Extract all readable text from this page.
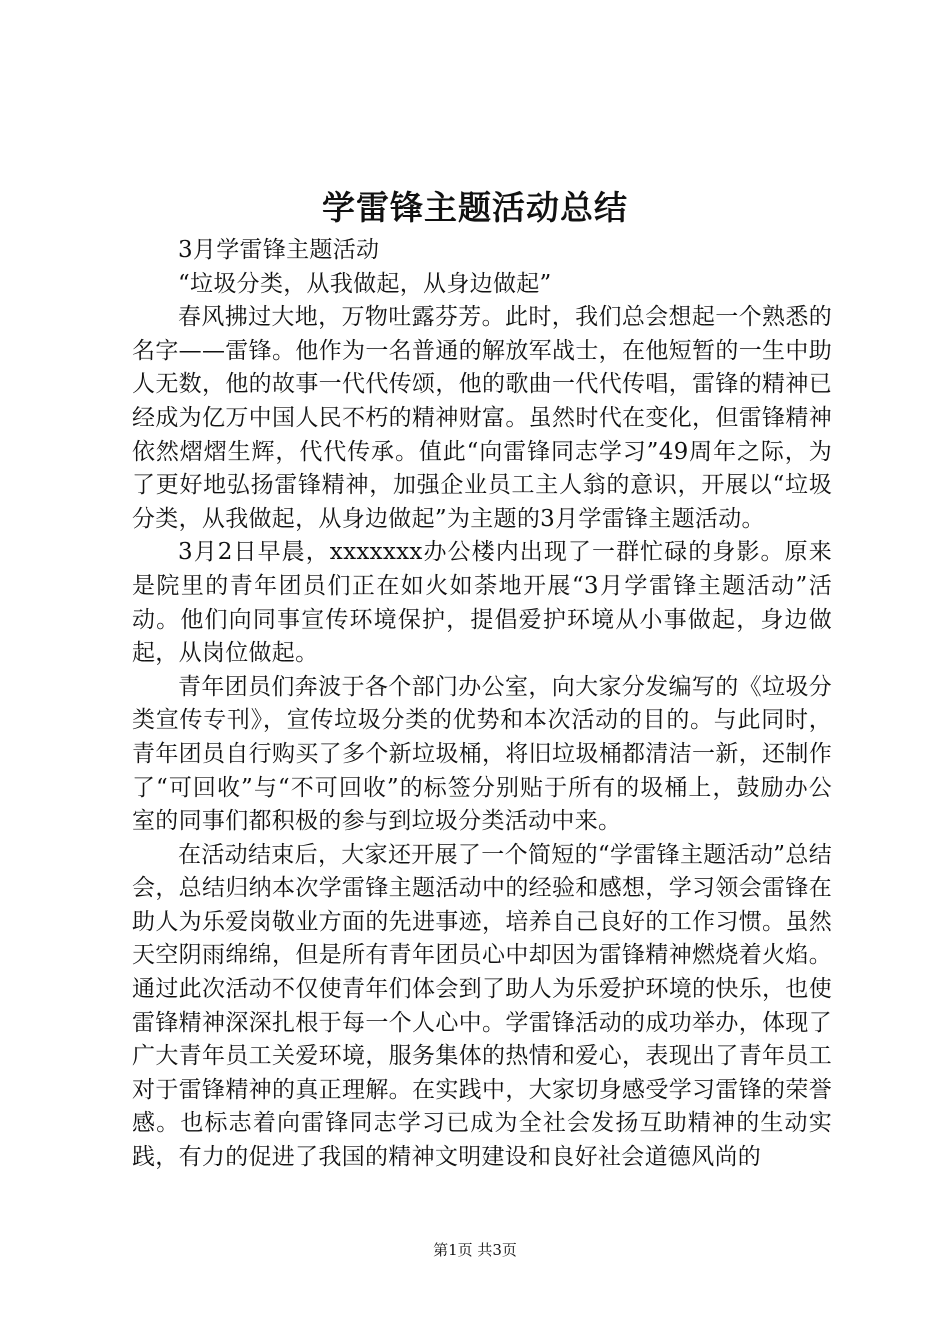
学雷锋主题活动总结

3月学雷锋主题活动

“垃圾分类，从我做起，从身边做起”

春风拂过大地，万物吐露芬芳。此时，我们总会想起一个熟悉的名字——雷锋。他作为一名普通的解放军战士，在他短暂的一生中助人无数，他的故事一代代传颂，他的歌曲一代代传唱，雷锋的精神已经成为亿万中国人民不朽的精神财富。虽然时代在变化，但雷锋精神依然熠熠生辉，代代传承。值此“向雷锋同志学习”49周年之际，为了更好地弘扬雷锋精神，加强企业员工主人翁的意识，开展以“垃圾分类，从我做起，从身边做起”为主题的3月学雷锋主题活动。

3月2日早晨，xxxxxxx办公楼内出现了一群忙碌的身影。原来是院里的青年团员们正在如火如荼地开展“3月学雷锋主题活动”活动。他们向同事宣传环境保护，提倡爱护环境从小事做起，身边做起，从岗位做起。

青年团员们奔波于各个部门办公室，向大家分发编写的《垃圾分类宣传专刊》，宣传垃圾分类的优势和本次活动的目的。与此同时，青年团员自行购买了多个新垃圾桶，将旧垃圾桶都清洁一新，还制作了“可回收”与“不可回收”的标签分别贴于所有的圾桶上，鼓励办公室的同事们都积极的参与到垃圾分类活动中来。

在活动结束后，大家还开展了一个简短的“学雷锋主题活动”总结会，总结归纳本次学雷锋主题活动中的经验和感想，学习领会雷锋在助人为乐爱岗敬业方面的先进事迹，培养自己良好的工作习惯。虽然天空阴雨绵绵，但是所有青年团员心中却因为雷锋精神燃烧着火焰。通过此次活动不仅使青年们体会到了助人为乐爱护环境的快乐，也使雷锋精神深深扎根于每一个人心中。学雷锋活动的成功举办，体现了广大青年员工关爱环境，服务集体的热情和爱心，表现出了青年员工对于雷锋精神的真正理解。在实践中，大家切身感受学习雷锋的荣誉感。也标志着向雷锋同志学习已成为全社会发扬互助精神的生动实践，有力的促进了我国的精神文明建设和良好社会道德风尚的

第1页 共3页
